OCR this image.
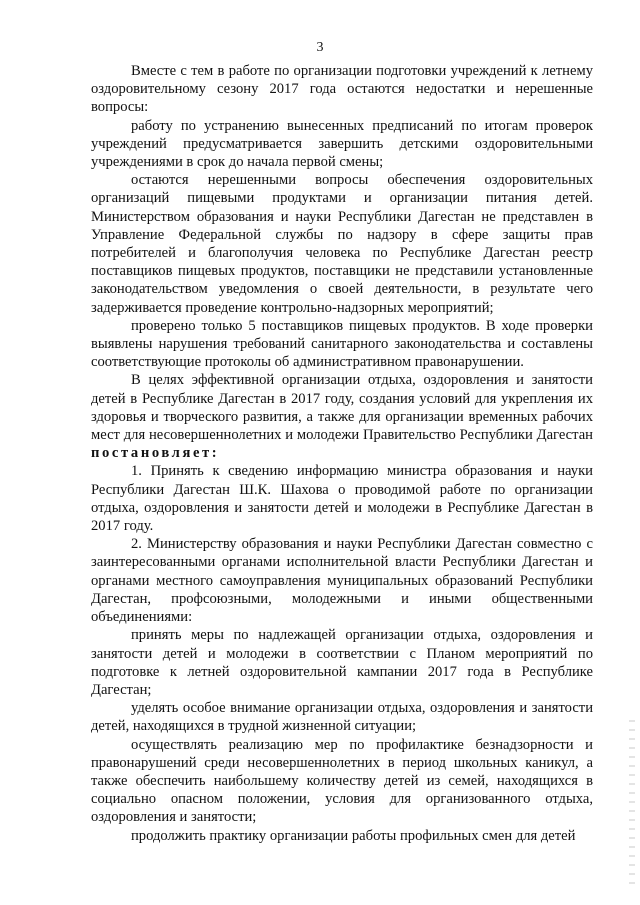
3

Вместе с тем в работе по организации подготовки учреждений к летнему оздоровительному сезону 2017 года остаются недостатки и нерешенные вопросы:

работу по устранению вынесенных предписаний по итогам проверок учреждений предусматривается завершить детскими оздоровительными учреждениями в срок до начала первой смены;

остаются нерешенными вопросы обеспечения оздоровительных организаций пищевыми продуктами и организации питания детей. Министерством образования и науки Республики Дагестан не представлен в Управление Федеральной службы по надзору в сфере защиты прав потребителей и благополучия человека по Республике Дагестан реестр поставщиков пищевых продуктов, поставщики не представили установленные законодательством уведомления о своей деятельности, в результате чего задерживается проведение контрольно-надзорных мероприятий;

проверено только 5 поставщиков пищевых продуктов. В ходе проверки выявлены нарушения требований санитарного законодательства и составлены соответствующие протоколы об административном правонарушении.

В целях эффективной организации отдыха, оздоровления и занятости детей в Республике Дагестан в 2017 году, создания условий для укрепления их здоровья и творческого развития, а также для организации временных рабочих мест для несовершеннолетних и молодежи Правительство Республики Дагестан постановляет:

1. Принять к сведению информацию министра образования и науки Республики Дагестан Ш.К. Шахова о проводимой работе по организации отдыха, оздоровления и занятости детей и молодежи в Республике Дагестан в 2017 году.

2. Министерству образования и науки Республики Дагестан совместно с заинтересованными органами исполнительной власти Республики Дагестан и органами местного самоуправления муниципальных образований Республики Дагестан, профсоюзными, молодежными и иными общественными объединениями:

принять меры по надлежащей организации отдыха, оздоровления и занятости детей и молодежи в соответствии с Планом мероприятий по подготовке к летней оздоровительной кампании 2017 года в Республике Дагестан;

уделять особое внимание организации отдыха, оздоровления и занятости детей, находящихся в трудной жизненной ситуации;

осуществлять реализацию мер по профилактике безнадзорности и правонарушений среди несовершеннолетних в период школьных каникул, а также обеспечить наибольшему количеству детей из семей, находящихся в социально опасном положении, условия для организованного отдыха, оздоровления и занятости;

продолжить практику организации работы профильных смен для детей
